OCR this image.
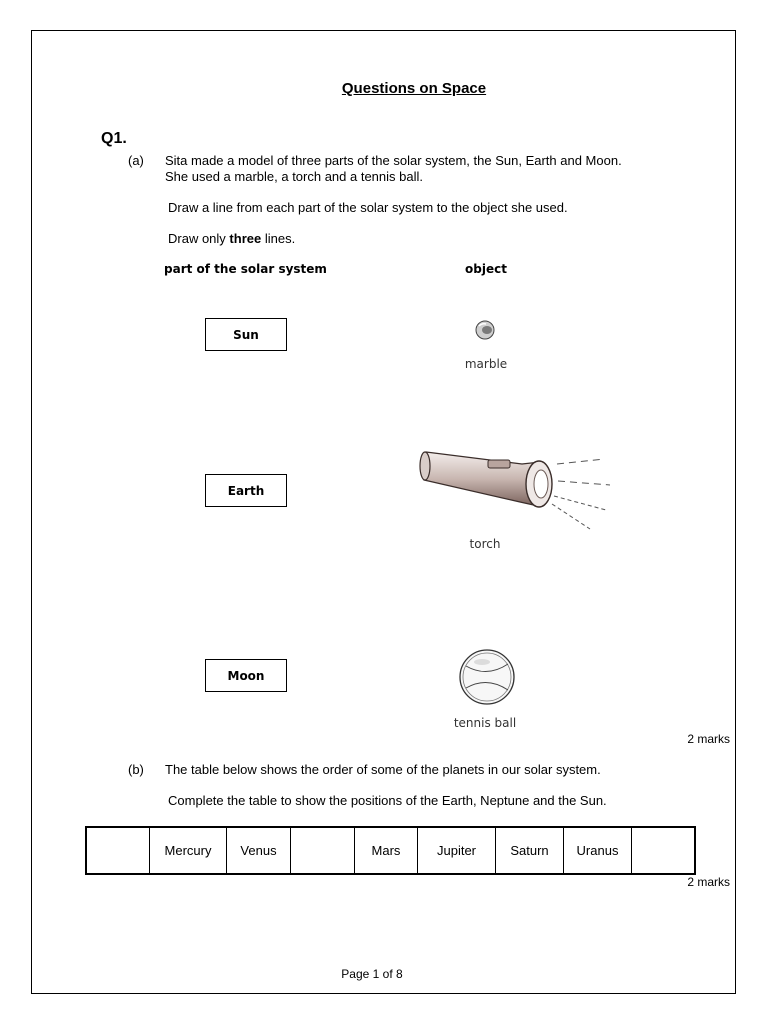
Questions on Space
Q1.
(a) Sita made a model of three parts of the solar system, the Sun, Earth and Moon.
She used a marble, a torch and a tennis ball.
Draw a line from each part of the solar system to the object she used.
Draw only three lines.
part of the solar system	object
Sun
Earth
Moon
marble
torch
tennis ball
2 marks
(b) The table below shows the order of some of the planets in our solar system.
Complete the table to show the positions of the Earth, Neptune and the Sun.
	Mercury	Venus		Mars	Jupiter	Saturn	Uranus	
2 marks
Page 1 of 8
